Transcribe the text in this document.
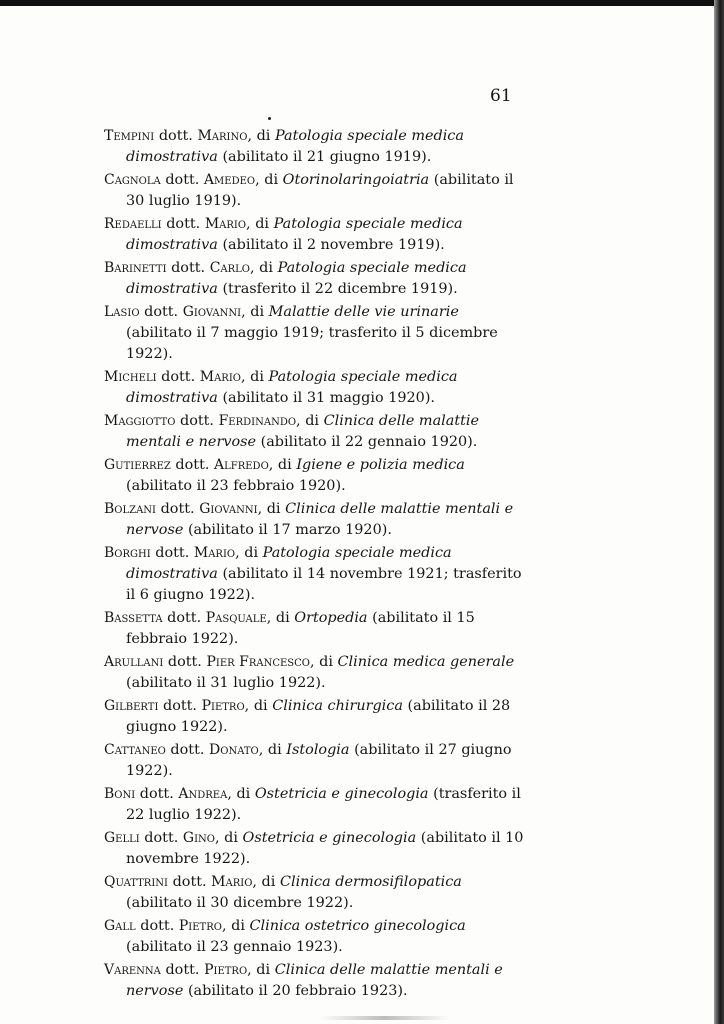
61

Tempini dott. Marino, di Patologia speciale medica dimostrativa (abilitato il 21 giugno 1919).

Cagnola dott. Amedeo, di Otorinolaringoiatria (abilitato il 30 luglio 1919).

Redaelli dott. Mario, di Patologia speciale medica dimostrativa (abilitato il 2 novembre 1919).

Barinetti dott. Carlo, di Patologia speciale medica dimostrativa (trasferito il 22 dicembre 1919).

Lasio dott. Giovanni, di Malattie delle vie urinarie (abilitato il 7 maggio 1919; trasferito il 5 dicembre 1922).

Micheli dott. Mario, di Patologia speciale medica dimostrativa (abilitato il 31 maggio 1920).

Maggiotto dott. Ferdinando, di Clinica delle malattie mentali e nervose (abilitato il 22 gennaio 1920).

Gutierrez dott. Alfredo, di Igiene e polizia medica (abilitato il 23 febbraio 1920).

Bolzani dott. Giovanni, di Clinica delle malattie mentali e nervose (abilitato il 17 marzo 1920).

Borghi dott. Mario, di Patologia speciale medica dimostrativa (abilitato il 14 novembre 1921; trasferito il 6 giugno 1922).

Bassetta dott. Pasquale, di Ortopedia (abilitato il 15 febbraio 1922).

Arullani dott. Pier Francesco, di Clinica medica generale (abilitato il 31 luglio 1922).

Gilberti dott. Pietro, di Clinica chirurgica (abilitato il 28 giugno 1922).

Cattaneo dott. Donato, di Istologia (abilitato il 27 giugno 1922).

Boni dott. Andrea, di Ostetricia e ginecologia (trasferito il 22 luglio 1922).

Gelli dott. Gino, di Ostetricia e ginecologia (abilitato il 10 novembre 1922).

Quattrini dott. Mario, di Clinica dermosifilopatica (abilitato il 30 dicembre 1922).

Gall dott. Pietro, di Clinica ostetrico ginecologica (abilitato il 23 gennaio 1923).

Varenna dott. Pietro, di Clinica delle malattie mentali e nervose (abilitato il 20 febbraio 1923).
